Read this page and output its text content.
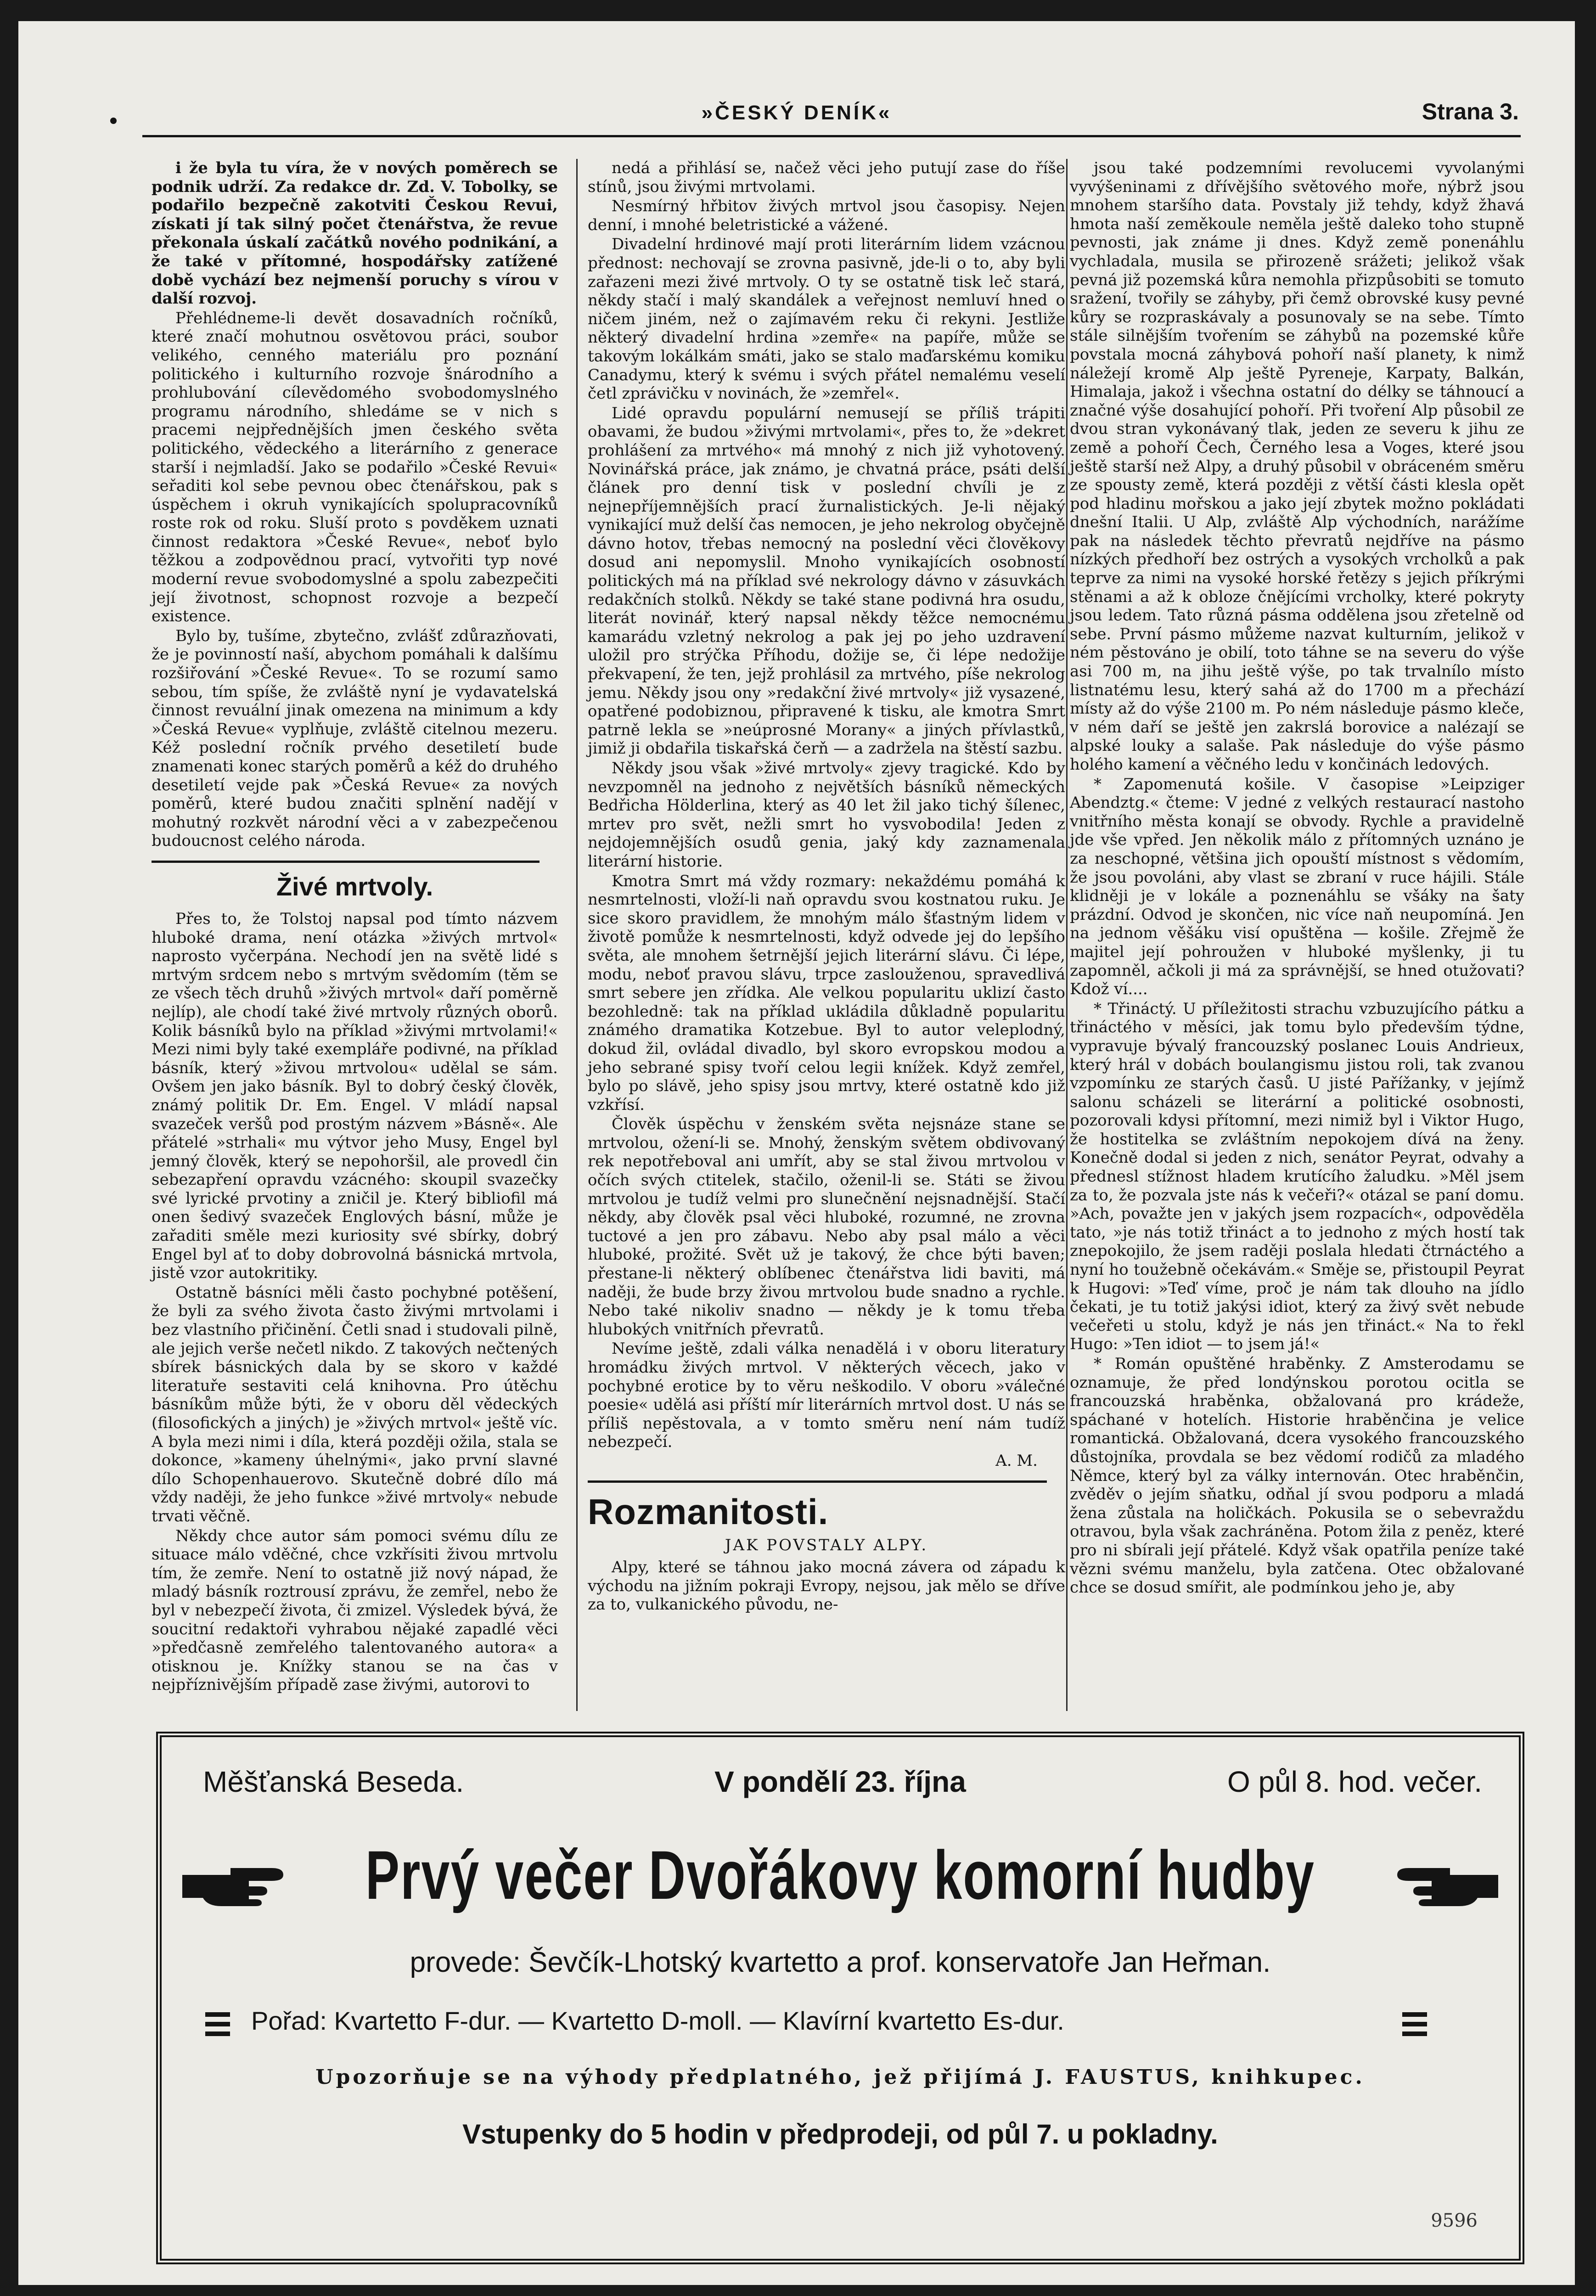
»ČESKÝ DENÍK«	Strana 3.

i že byla tu víra, že v nových poměrech se podnik udrží. Za redakce dr. Zd. V. Tobolky, se podařilo bezpečně zakotviti Českou Revui, získati jí tak silný počet čtenářstva, že revue překonala úskalí začátků nového podnikání, a že také v přítomné, hospodářsky zatížené době vychází bez nejmenší poruchy s vírou v další rozvoj.

Přehlédneme-li devět dosavadních ročníků, které značí mohutnou osvětovou práci, soubor velikého, cenného materiálu pro poznání politického i kulturního rozvoje šnárodního a prohlubování cílevědomého svobodomyslného programu národního, shledáme se v nich s pracemi nejpřednějších jmen českého světa politického, vědeckého a literárního z generace starší i nejmladší. Jako se podařilo »České Revui« seřaditi kol sebe pevnou obec čtenářskou, pak s úspěchem i okruh vynikajících spolupracovníků roste rok od roku. Sluší proto s povděkem uznati činnost redaktora »České Revue«, neboť bylo těžkou a zodpovědnou prací, vytvořiti typ nové moderní revue svobodomyslné a spolu zabezpečiti její životnost, schopnost rozvoje a bezpečí existence.

Bylo by, tušíme, zbytečno, zvlášť zdůrazňovati, že je povinností naší, abychom pomáhali k dalšímu rozšiřování »České Revue«. To se rozumí samo sebou, tím spíše, že zvláště nyní je vydavatelská činnost revuální jinak omezena na minimum a kdy »Česká Revue« vyplňuje, zvláště citelnou mezeru. Kéž poslední ročník prvého desetiletí bude znamenati konec starých poměrů a kéž do druhého desetiletí vejde pak »Česká Revue« za nových poměrů, které budou značiti splnění nadějí v mohutný rozkvět národní věci a v zabezpečenou budoucnost celého národa.

Živé mrtvoly.

Přes to, že Tolstoj napsal pod tímto názvem hluboké drama, není otázka »živých mrtvol« naprosto vyčerpána. Nechodí jen na světě lidé s mrtvým srdcem nebo s mrtvým svědomím (těm se ze všech těch druhů »živých mrtvol« daří poměrně nejlíp), ale chodí také živé mrtvoly různých oborů. Kolik básníků bylo na příklad »živými mrtvolami!« Mezi nimi byly také exempláře podivné, na příklad básník, který »živou mrtvolou« udělal se sám. Ovšem jen jako básník. Byl to dobrý český člověk, známý politik Dr. Em. Engel. V mládí napsal svazeček veršů pod prostým názvem »Básně«. Ale přátelé »strhali« mu výtvor jeho Musy, Engel byl jemný člověk, který se nepohoršil, ale provedl čin sebezapření opravdu vzácného: skoupil svazečky své lyrické prvotiny a zničil je. Který bibliofil má onen šedivý svazeček Englových básní, může je zařaditi směle mezi kuriosity své sbírky, dobrý Engel byl ať to doby dobrovolná básnická mrtvola, jistě vzor autokritiky.

Ostatně básníci měli často pochybné potěšení, že byli za svého života často živými mrtvolami i bez vlastního přičinění. Četli snad i studovali pilně, ale jejich verše nečetl nikdo. Z takových nečtených sbírek básnických dala by se skoro v každé literatuře sestaviti celá knihovna. Pro útěchu básníkům může býti, že v oboru děl vědeckých (filosofických a jiných) je »živých mrtvol« ještě víc. A byla mezi nimi i díla, která později ožila, stala se dokonce, »kameny úhelnými«, jako první slavné dílo Schopenhauerovo. Skutečně dobré dílo má vždy naději, že jeho funkce »živé mrtvoly« nebude trvati věčně.

Někdy chce autor sám pomoci svému dílu ze situace málo vděčné, chce vzkřísiti živou mrtvolu tím, že zemře. Není to ostatně již nový nápad, že mladý básník roztrousí zprávu, že zemřel, nebo že byl v nebezpečí života, či zmizel. Výsledek bývá, že soucitní redaktoři vyhrabou nějaké zapadlé věci »předčasně zemřelého talentovaného autora« a otisknou je. Knížky stanou se na čas v nejpříznivějším případě zase živými, autorovi to

nedá a přihlásí se, načež věci jeho putují zase do říše stínů, jsou živými mrtvolami.

Nesmírný hřbitov živých mrtvol jsou časopisy. Nejen denní, i mnohé beletristické a vážené.

Divadelní hrdinové mají proti literárním lidem vzácnou přednost: nechovají se zrovna pasivně, jde-li o to, aby byli zařazeni mezi živé mrtvoly. O ty se ostatně tisk leč stará, někdy stačí i malý skandálek a veřejnost nemluví hned o ničem jiném, než o zajímavém reku či rekyni. Jestliže některý divadelní hrdina »zemře« na papíře, může se takovým lokálkám smáti, jako se stalo maďarskému komiku Canadymu, který k svému i svých přátel nemalému veselí četl zprávičku v novinách, že »zemřel«.

Lidé opravdu populární nemusejí se příliš trápiti obavami, že budou »živými mrtvolami«, přes to, že »dekret prohlášení za mrtvého« má mnohý z nich již vyhotovený. Novinářská práce, jak známo, je chvatná práce, psáti delší článek pro denní tisk v poslední chvíli je z nejnepříjemnějších prací žurnalistických. Je-li nějaký vynikající muž delší čas nemocen, je jeho nekrolog obyčejně dávno hotov, třebas nemocný na poslední věci člověkovy dosud ani nepomyslil. Mnoho vynikajících osobností politických má na příklad své nekrology dávno v zásuvkách redakčních stolků. Někdy se také stane podivná hra osudu, literát novinář, který napsal někdy těžce nemocnému kamarádu vzletný nekrolog a pak jej po jeho uzdravení uložil pro strýčka Příhodu, dožije se, či lépe nedožije překvapení, že ten, jejž prohlásil za mrtvého, píše nekrolog jemu. Někdy jsou ony »redakční živé mrtvoly« již vysazené, opatřené podobiznou, připravené k tisku, ale kmotra Smrt patrně lekla se »neúprosné Morany« a jiných přívlastků, jimiž ji obdařila tiskařská čerň — a zadržela na štěstí sazbu.

Někdy jsou však »živé mrtvoly« zjevy tragické. Kdo by nevzpomněl na jednoho z největších básníků německých Bedřicha Hölderlina, který as 40 let žil jako tichý šílenec, mrtev pro svět, nežli smrt ho vysvobodila! Jeden z nejdojemnějších osudů genia, jaký kdy zaznamenala literární historie.

Kmotra Smrt má vždy rozmary: nekaždému pomáhá k nesmrtelnosti, vloží-li naň opravdu svou kostnatou ruku. Je sice skoro pravidlem, že mnohým málo šťastným lidem v životě pomůže k nesmrtelnosti, když odvede jej do lepšího světa, ale mnohem šetrnější jejich literární slávu. Či lépe, modu, neboť pravou slávu, trpce zaslouženou, spravedlivá smrt sebere jen zřídka. Ale velkou popularitu uklizí často bezohledně: tak na příklad ukládila důkladně popularitu známého dramatika Kotzebue. Byl to autor veleplodný, dokud žil, ovládal divadlo, byl skoro evropskou modou a jeho sebrané spisy tvoří celou legii knížek. Když zemřel, bylo po slávě, jeho spisy jsou mrtvy, které ostatně kdo již vzkřísí.

Člověk úspěchu v ženském světa nejsnáze stane se mrtvolou, ožení-li se. Mnohý, ženským světem obdivovaný rek nepotřeboval ani umřít, aby se stal živou mrtvolou v očích svých ctitelek, stačilo, oženil-li se. Státi se živou mrtvolou je tudíž velmi pro slunečnění nejsnadnější. Stačí někdy, aby člověk psal věci hluboké, rozumné, ne zrovna tuctové a jen pro zábavu. Nebo aby psal málo a věci hluboké, prožité. Svět už je takový, že chce býti baven; přestane-li některý oblíbenec čtenářstva lidi baviti, má naději, že bude brzy živou mrtvolou bude snadno a rychle. Nebo také nikoliv snadno — někdy je k tomu třeba hlubokých vnitřních převratů.

Nevíme ještě, zdali válka nenadělá i v oboru literatury hromádku živých mrtvol. V některých věcech, jako v pochybné erotice by to věru neškodilo. V oboru »válečné poesie« udělá asi příští mír literárních mrtvol dost. U nás se příliš nepěstovala, a v tomto směru není nám tudíž nebezpečí.

A. M.
Rozmanitosti.
JAK POVSTALY ALPY.

Alpy, které se táhnou jako mocná závera od západu k východu na jižním pokraji Evropy, nejsou, jak mělo se dříve za to, vulkanického původu, ne-

jsou také podzemními revolucemi vyvolanými vyvýšeninami z dřívějšího světového moře, nýbrž jsou mnohem staršího data. Povstaly již tehdy, když žhavá hmota naší zeměkoule neměla ještě daleko toho stupně pevnosti, jak známe ji dnes. Když země ponenáhlu vychladala, musila se přirozeně srážeti; jelikož však pevná již pozemská kůra nemohla přizpůsobiti se tomuto sražení, tvořily se záhyby, při čemž obrovské kusy pevné kůry se rozpraskávaly a posunovaly se na sebe. Tímto stále silnějším tvořením se záhybů na pozemské kůře povstala mocná záhybová pohoří naší planety, k nimž náležejí kromě Alp ještě Pyreneje, Karpaty, Balkán, Himalaja, jakož i všechna ostatní do délky se táhnoucí a značné výše dosahující pohoří. Při tvoření Alp působil ze dvou stran vykonávaný tlak, jeden ze severu k jihu ze země a pohoří Čech, Černého lesa a Voges, které jsou ještě starší než Alpy, a druhý působil v obráceném směru ze spousty země, která později z větší části klesla opět pod hladinu mořskou a jako její zbytek možno pokládati dnešní Italii. U Alp, zvláště Alp východních, narážíme pak na následek těchto převratů nejdříve na pásmo nízkých předhoří bez ostrých a vysokých vrcholků a pak teprve za nimi na vysoké horské řetězy s jejich příkrými stěnami a až k obloze čnějícími vrcholky, které pokryty jsou ledem. Tato různá pásma oddělena jsou zřetelně od sebe. První pásmo můžeme nazvat kulturním, jelikož v ném pěstováno je obilí, toto táhne se na severu do výše asi 700 m, na jihu ještě výše, po tak trvalnílo místo listnatému lesu, který sahá až do 1700 m a přechází místy až do výše 2100 m. Po ném následuje pásmo kleče, v ném daří se ještě jen zakrslá borovice a nalézají se alpské louky a salaše. Pak následuje do výše pásmo holého kamení a věčného ledu v končinách ledových.

* Zapomenutá košile. V časopise »Leipziger Abendztg.« čteme: V jedné z velkých restaurací nastoho vnitřního města konají se obvody. Rychle a pravidelně jde vše vpřed. Jen několik málo z přítomných uznáno je za neschopné, většina jich opouští místnost s vědomím, že jsou povoláni, aby vlast se zbraní v ruce hájili. Stále klidněji je v lokále a poznenáhlu se všáky na šaty prázdní. Odvod je skončen, nic více naň neupomíná. Jen na jednom věšáku visí opuštěna — košile. Zřejmě že majitel její pohroužen v hluboké myšlenky, ji tu zapomněl, ačkoli ji má za správnější, se hned otužovati? Kdož ví....

* Třináctý. U příležitosti strachu vzbuzujícího pátku a třináctého v měsíci, jak tomu bylo především týdne, vypravuje bývalý francouzský poslanec Louis Andrieux, který hrál v dobách boulangismu jistou roli, tak zvanou vzpomínku ze starých časů. U jisté Pařížanky, v jejímž salonu scházeli se literární a politické osobnosti, pozorovali kdysi přítomní, mezi nimiž byl i Viktor Hugo, že hostitelka se zvláštním nepokojem dívá na ženy. Konečně dodal si jeden z nich, senátor Peyrat, odvahy a přednesl stížnost hladem krutícího žaludku. »Měl jsem za to, že pozvala jste nás k večeři?« otázal se paní domu. »Ach, považte jen v jakých jsem rozpacích«, odpověděla tato, »je nás totiž třináct a to jednoho z mých hostí tak znepokojilo, že jsem raději poslala hledati čtrnáctého a nyní ho toužebně očekávám.« Směje se, přistoupil Peyrat k Hugovi: »Teď víme, proč je nám tak dlouho na jídlo čekati, je tu totiž jakýsi idiot, který za živý svět nebude večeřeti u stolu, když je nás jen třináct.« Na to řekl Hugo: »Ten idiot — to jsem já!«

* Román opuštěné hraběnky. Z Amsterodamu se oznamuje, že před londýnskou porotou ocitla se francouzská hraběnka, obžalovaná pro krádeže, spáchané v hotelích. Historie hraběnčina je velice romantická. Obžalovaná, dcera vysokého francouzského důstojníka, provdala se bez vědomí rodičů za mladého Němce, který byl za války internován. Otec hraběnčin, zvěděv o jejím sňatku, odňal jí svou podporu a mladá žena zůstala na holičkách. Pokusila se o sebevraždu otravou, byla však zachráněna. Potom žila z peněz, které pro ni sbírali její přátelé. Když však opatřila peníze také vězni svému manželu, byla zatčena. Otec obžalované chce se dosud smířit, ale podmínkou jeho je, aby

Měšťanská Beseda.	V pondělí 23. října	O půl 8. hod. večer.
Prvý večer Dvořákovy komorní hudby
provede: Ševčík-Lhotský kvartetto a prof. konservatoře Jan Heřman.
Pořad: Kvartetto F-dur. — Kvartetto D-moll. — Klavírní kvartetto Es-dur.
Upozorňuje se na výhody předplatného, jež přijímá J. FAUSTUS, knihkupec.
Vstupenky do 5 hodin v předprodeji, od půl 7. u pokladny.
9596
